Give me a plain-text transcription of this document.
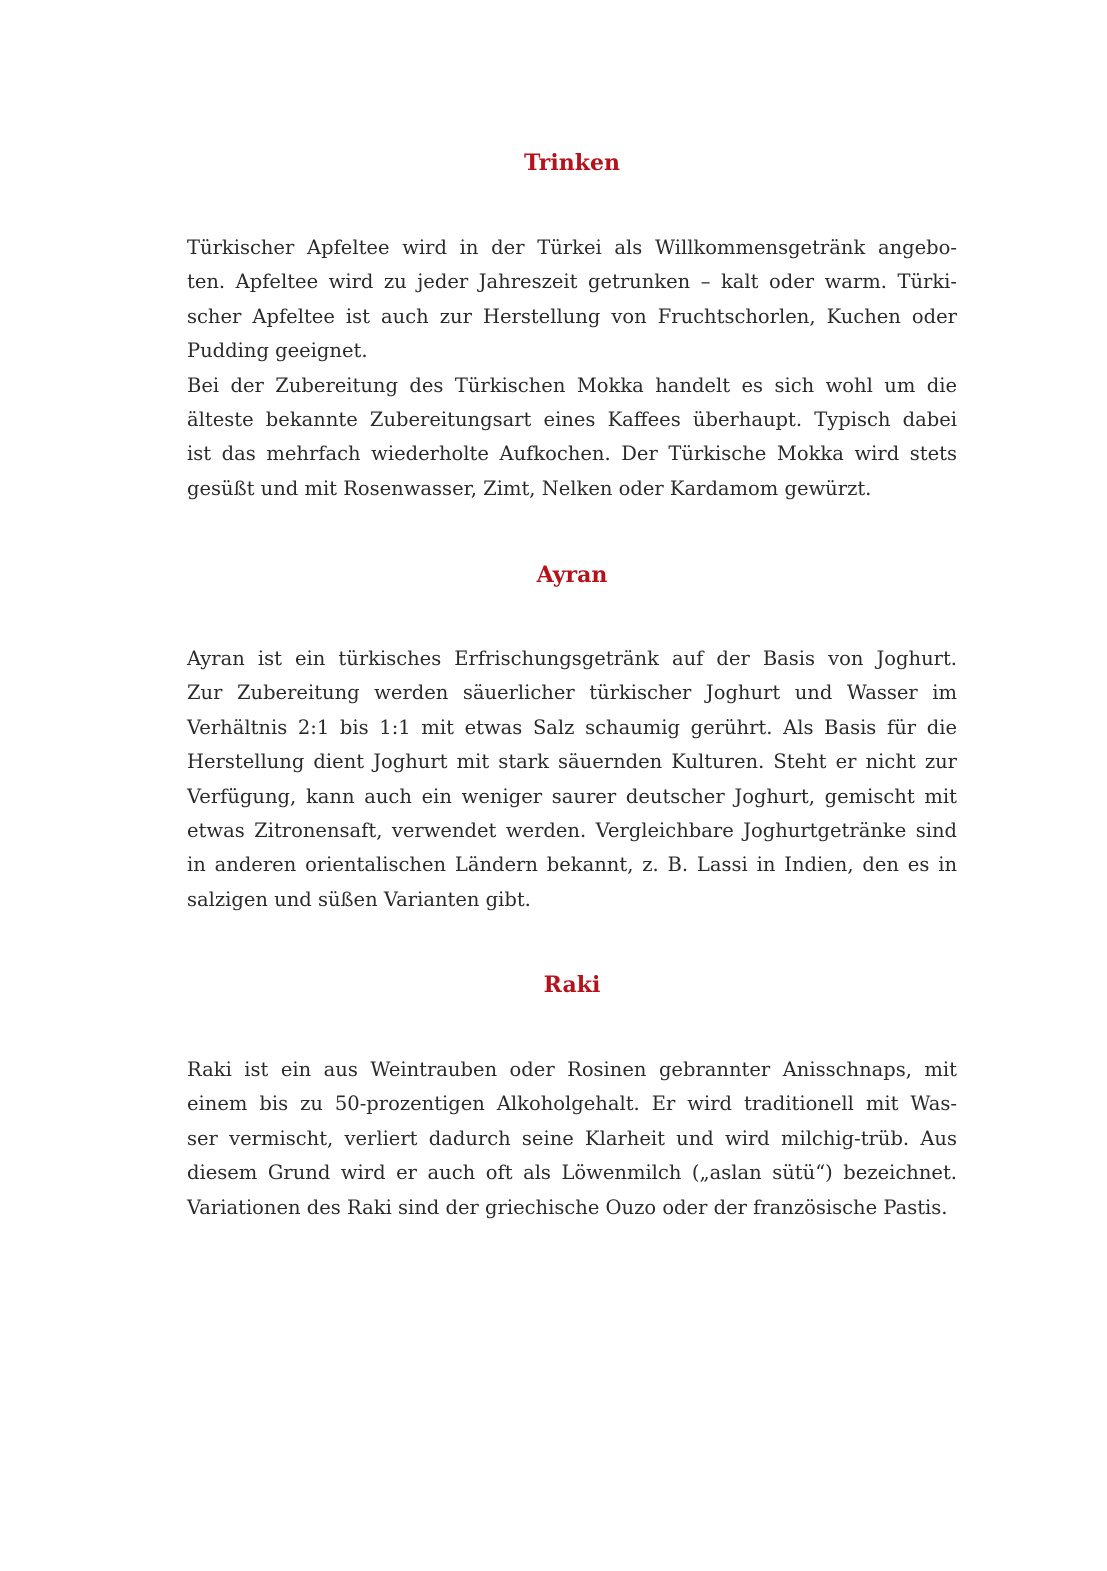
Trinken

Türkischer Apfeltee wird in der Türkei als Willkommensgetränk angebo-
ten. Apfeltee wird zu jeder Jahreszeit getrunken – kalt oder warm. Türki-
scher Apfeltee ist auch zur Herstellung von Fruchtschorlen, Kuchen oder
Pudding geeignet.
Bei der Zubereitung des Türkischen Mokka handelt es sich wohl um die
älteste bekannte Zubereitungsart eines Kaffees überhaupt. Typisch dabei
ist das mehrfach wiederholte Aufkochen. Der Türkische Mokka wird stets
gesüßt und mit Rosenwasser, Zimt, Nelken oder Kardamom gewürzt.

Ayran

Ayran ist ein türkisches Erfrischungsgetränk auf der Basis von Joghurt.
Zur Zubereitung werden säuerlicher türkischer Joghurt und Wasser im
Verhältnis 2:1 bis 1:1 mit etwas Salz schaumig gerührt. Als Basis für die
Herstellung dient Joghurt mit stark säuernden Kulturen. Steht er nicht zur
Verfügung, kann auch ein weniger saurer deutscher Joghurt, gemischt mit
etwas Zitronensaft, verwendet werden. Vergleichbare Joghurtgetränke sind
in anderen orientalischen Ländern bekannt, z. B. Lassi in Indien, den es in
salzigen und süßen Varianten gibt.

Raki

Raki ist ein aus Weintrauben oder Rosinen gebrannter Anisschnaps, mit
einem bis zu 50-prozentigen Alkoholgehalt. Er wird traditionell mit Was-
ser vermischt, verliert dadurch seine Klarheit und wird milchig-trüb. Aus
diesem Grund wird er auch oft als Löwenmilch („aslan sütü“) bezeichnet.
Variationen des Raki sind der griechische Ouzo oder der französische Pastis.
